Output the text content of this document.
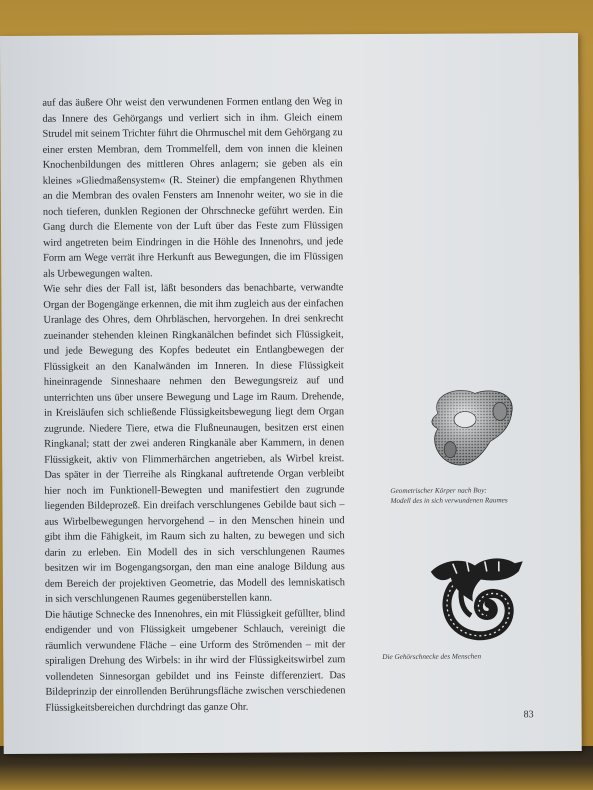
auf das äußere Ohr weist den verwundenen Formen entlang den Weg in das Innere des Gehörgangs und verliert sich in ihm. Gleich einem Strudel mit seinem Trichter führt die Ohrmuschel mit dem Gehörgang zu einer ersten Membran, dem Trommelfell, dem von innen die kleinen Knochenbildungen des mittleren Ohres anlagern; sie geben als ein kleines »Gliedmaßensystem« (R. Steiner) die empfangenen Rhythmen an die Membran des ovalen Fensters am Innenohr weiter, wo sie in die noch tieferen, dunklen Regionen der Ohrschnecke geführt werden. Ein Gang durch die Elemente von der Luft über das Feste zum Flüssigen wird angetreten beim Eindringen in die Höhle des Innenohrs, und jede Form am Wege verrät ihre Herkunft aus Bewegungen, die im Flüssigen als Urbewegungen walten.

Wie sehr dies der Fall ist, läßt besonders das benachbarte, verwandte Organ der Bogengänge erkennen, die mit ihm zugleich aus der einfachen Uranlage des Ohres, dem Ohrbläschen, hervorgehen. In drei senkrecht zueinander stehenden kleinen Ringkanälchen befindet sich Flüssigkeit, und jede Bewegung des Kopfes bedeutet ein Entlangbewegen der Flüssigkeit an den Kanalwänden im Inneren. In diese Flüssigkeit hineinragende Sinneshaare nehmen den Bewegungsreiz auf und unterrichten uns über unsere Bewegung und Lage im Raum. Drehende, in Kreisläufen sich schließende Flüssigkeitsbewegung liegt dem Organ zugrunde. Niedere Tiere, etwa die Flußneunaugen, besitzen erst einen Ringkanal; statt der zwei anderen Ringkanäle aber Kammern, in denen Flüssigkeit, aktiv von Flimmerhärchen angetrieben, als Wirbel kreist. Das später in der Tierreihe als Ringkanal auftretende Organ verbleibt hier noch im Funktionell-Bewegten und manifestiert den zugrunde liegenden Bildeprozeß. Ein dreifach verschlungenes Gebilde baut sich – aus Wirbelbewegungen hervorgehend – in den Menschen hinein und gibt ihm die Fähigkeit, im Raum sich zu halten, zu bewegen und sich darin zu erleben. Ein Modell des in sich verschlungenen Raumes besitzen wir im Bogengangsorgan, den man eine analoge Bildung aus dem Bereich der projektiven Geometrie, das Modell des lemniskatisch in sich verschlungenen Raumes gegenüberstellen kann.

Die häutige Schnecke des Innenohres, ein mit Flüssigkeit gefüllter, blind endigender und von Flüssigkeit umgebener Schlauch, vereinigt die räumlich verwundene Fläche – eine Urform des Strömenden – mit der spiraligen Drehung des Wirbels: in ihr wird der Flüssigkeitswirbel zum vollendeten Sinnesorgan gebildet und ins Feinste differenziert. Das Bildeprinzip der einrollenden Berührungsfläche zwischen verschiedenen Flüssigkeitsbereichen durchdringt das ganze Ohr.

Geometrischer Körper nach Boy:
Modell des in sich verwundenen Raumes
Die Gehörschnecke des Menschen
83
